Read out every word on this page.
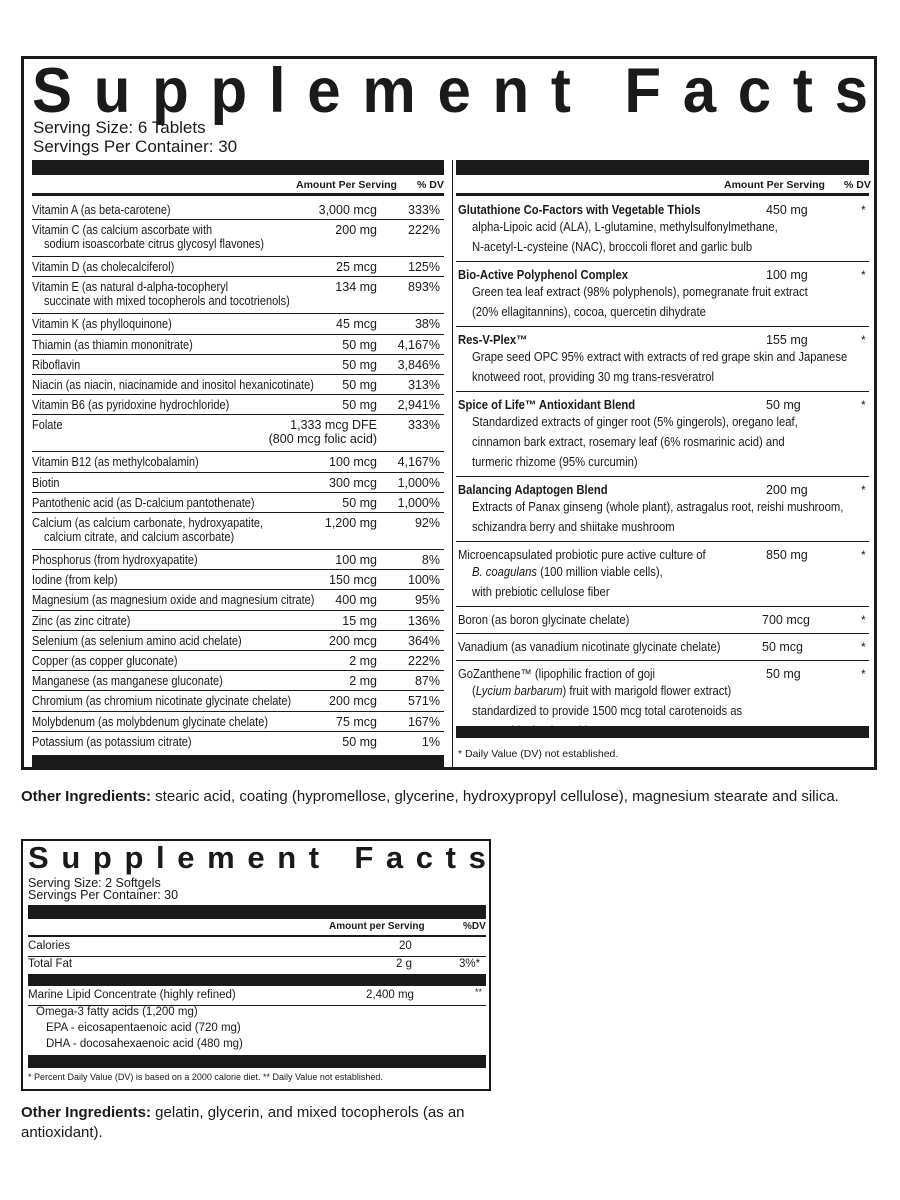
S u p p l e m e n t F a c t s
Serving Size: 6 Tablets
Servings Per Container: 30
Amount Per Serving % DV
Vitamin A (as beta-carotene)	3,000 mcg 333%
Vitamin C (as calcium ascorbate with
sodium isoascorbate citrus glycosyl flavones)
200 mg 222%
Vitamin D (as cholecalciferol)	25 mcg 125%
Vitamin E (as natural d-alpha-tocopheryl
succinate with mixed tocopherols and tocotrienols)
134 mg 893%
Vitamin K (as phylloquinone)	45 mcg	38%
Thiamin (as thiamin mononitrate)	50 mg 4,167%
Riboflavin	50 mg 3,846%
Niacin (as niacin, niacinamide and inositol hexanicotinate) 50 mg 313%
Vitamin B6 (as pyridoxine hydrochloride)	50 mg 2,941%
Folate	1,333 mcg DFE
(800 mcg folic acid)
333%
Vitamin B12 (as methylcobalamin)	100 mcg 4,167%
Biotin	300 mcg 1,000%
Pantothenic acid (as D-calcium pantothenate)	50 mg 1,000%
Calcium (as calcium carbonate, hydroxyapatite,
calcium citrate, and calcium ascorbate)
1,200 mg	92%
Phosphorus (from hydroxyapatite)	100 mg	8%
Iodine (from kelp)	150 mcg 100%
Magnesium (as magnesium oxide and magnesium citrate) 400 mg	95%
Zinc (as zinc citrate)	15 mg 136%
Selenium (as selenium amino acid chelate)	200 mcg 364%
Copper (as copper gluconate)	2 mg 222%
Manganese (as manganese gluconate)	2 mg	87%
Chromium (as chromium nicotinate glycinate chelate)	200 mcg 571%
Molybdenum (as molybdenum glycinate chelate)	75 mcg 167%
Potassium (as potassium citrate)	50 mg	1%
Amount Per Serving % DV
Glutathione Co-Factors with Vegetable Thiols	450 mg	*
alpha-Lipoic acid (ALA), L-glutamine, methylsulfonylmethane,
N-acetyl-L-cysteine (NAC), broccoli floret and garlic bulb
Bio-Active Polyphenol Complex	100 mg	*
Green tea leaf extract (98% polyphenols), pomegranate fruit extract
(20% ellagitannins), cocoa, quercetin dihydrate
Res-V-Plex™	155 mg	*
Grape seed OPC 95% extract with extracts of red grape skin and Japanese
knotweed root, providing 30 mg trans-resveratrol
Spice of Life™ Antioxidant Blend	50 mg	*
Standardized extracts of ginger root (5% gingerols), oregano leaf,
cinnamon bark extract, rosemary leaf (6% rosmarinic acid) and
turmeric rhizome (95% curcumin)
Balancing Adaptogen Blend	200 mg	*
Extracts of Panax ginseng (whole plant), astragalus root, reishi mushroom,
schizandra berry and shiitake mushroom
Microencapsulated probiotic pure active culture of	850 mg	*
B. coagulans (100 million viable cells),
with prebiotic cellulose fiber
Boron (as boron glycinate chelate)	700 mcg	*
Vanadium (as vanadium nicotinate glycinate chelate)	50 mcg	*
GoZanthene™ (lipophilic fraction of goji	50 mg	*
(Lycium barbarum) fruit with marigold flower extract)
standardized to provide 1500 mcg total carotenoids as
* Daily Value (DV) not established.
Other Ingredients: stearic acid, coating (hypromellose, glycerine, hydroxypropyl cellulose), magnesium stearate and silica.
S u p p l e m e n t F a c t s
Serving Size: 2 Softgels
Servings Per Container: 30
Amount per Serving	%DV
Calories	20
Total Fat	2 g	3%*
Marine Lipid Concentrate (highly refined)	2,400 mg	**
Omega-3 fatty acids (1,200 mg)
EPA - eicosapentaenoic acid (720 mg)
DHA - docosahexaenoic acid (480 mg)
* Percent Daily Value (DV) is based on a 2000 calorie diet. ** Daily Value not established.
Other Ingredients: gelatin, glycerin, and mixed tocopherols (as an
antioxidant).
